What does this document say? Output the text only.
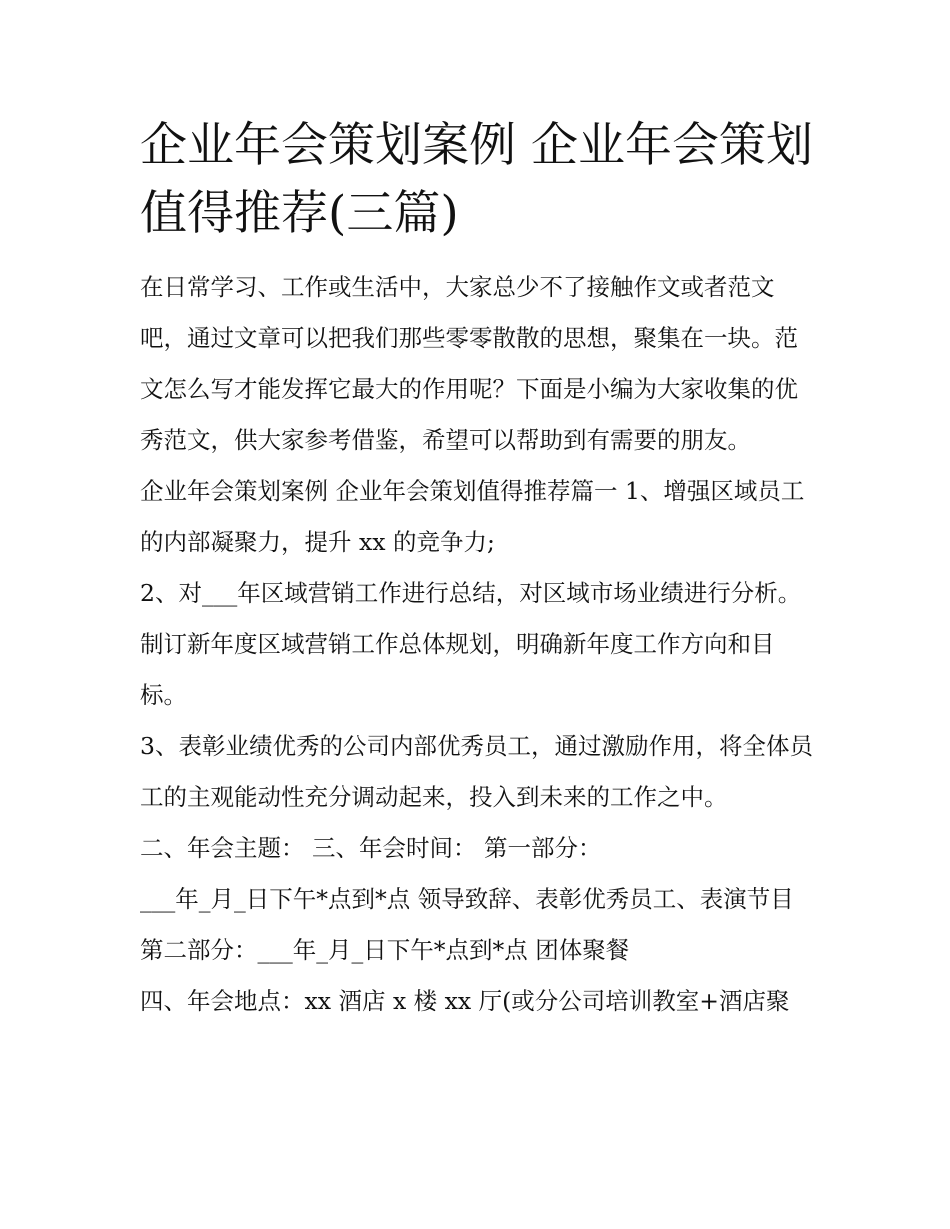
企业年会策划案例 企业年会策划值得推荐(三篇)

在日常学习、工作或生活中，大家总少不了接触作文或者范文吧，通过文章可以把我们那些零零散散的思想，聚集在一块。范文怎么写才能发挥它最大的作用呢？下面是小编为大家收集的优秀范文，供大家参考借鉴，希望可以帮助到有需要的朋友。

企业年会策划案例 企业年会策划值得推荐篇一 1、增强区域员工的内部凝聚力，提升 xx 的竞争力;

2、对___年区域营销工作进行总结，对区域市场业绩进行分析。制订新年度区域营销工作总体规划，明确新年度工作方向和目标。

3、表彰业绩优秀的公司内部优秀员工，通过激励作用，将全体员工的主观能动性充分调动起来，投入到未来的工作之中。

二、年会主题： 三、年会时间： 第一部分：

___年_月_日下午*点到*点 领导致辞、表彰优秀员工、表演节目 第二部分：___年_月_日下午*点到*点 团体聚餐

四、年会地点：xx 酒店 x 楼 xx 厅(或分公司培训教室+酒店聚
